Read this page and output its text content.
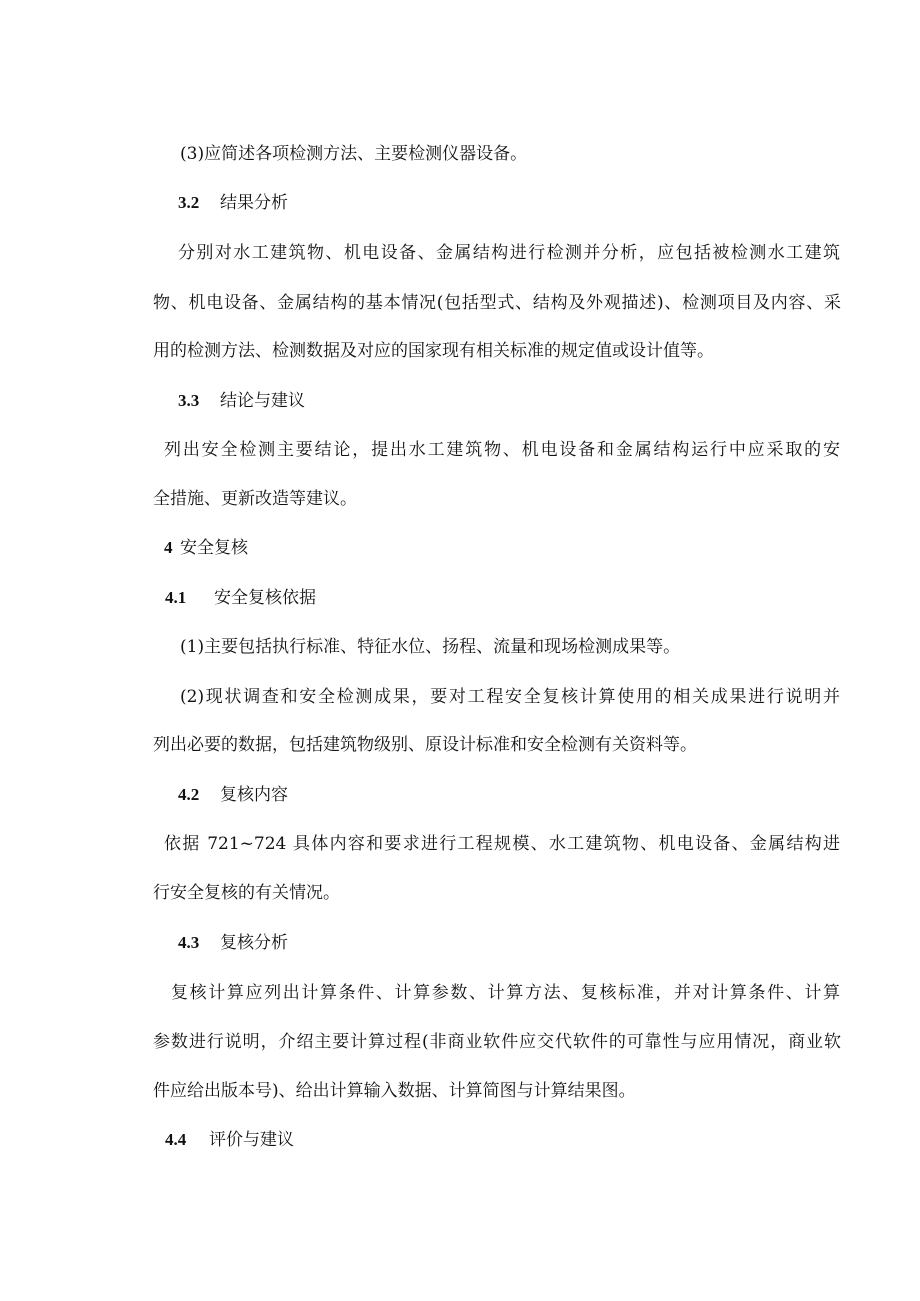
(3)应简述各项检测方法、主要检测仪器设备。
3.2 结果分析
分别对水工建筑物、机电设备、金属结构进行检测并分析，应包括被检测水工建筑
物、机电设备、金属结构的基本情况(包括型式、结构及外观描述)、检测项目及内容、采
用的检测方法、检测数据及对应的国家现有相关标准的规定值或设计值等。
3.3 结论与建议
列出安全检测主要结论，提出水工建筑物、机电设备和金属结构运行中应采取的安
全措施、更新改造等建议。
4 安全复核
4.1 安全复核依据
(1)主要包括执行标准、特征水位、扬程、流量和现场检测成果等。
(2)现状调查和安全检测成果，要对工程安全复核计算使用的相关成果进行说明并
列出必要的数据，包括建筑物级别、原设计标准和安全检测有关资料等。
4.2 复核内容
依据 721~724 具体内容和要求进行工程规模、水工建筑物、机电设备、金属结构进
行安全复核的有关情况。
4.3 复核分析
复核计算应列出计算条件、计算参数、计算方法、复核标准，并对计算条件、计算
参数进行说明，介绍主要计算过程(非商业软件应交代软件的可靠性与应用情况，商业软
件应给出版本号)、给出计算输入数据、计算简图与计算结果图。
4.4 评价与建议
